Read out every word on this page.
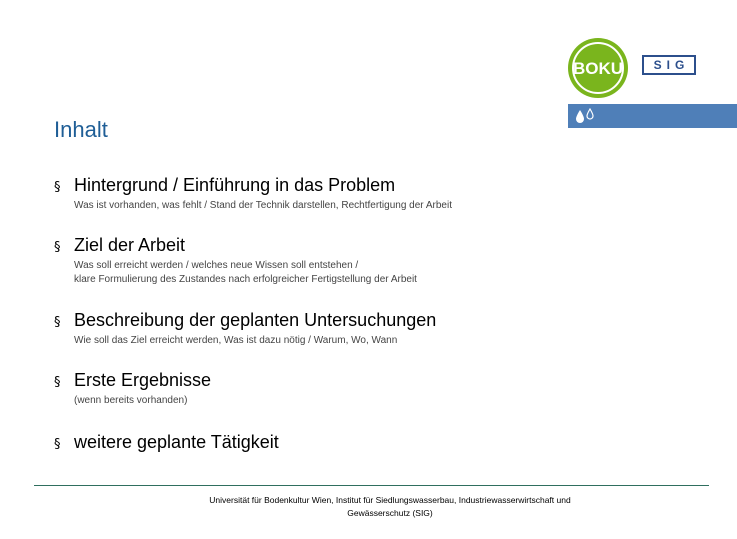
BOKU	SIG
Inhalt
§ Hintergrund / Einführung in das Problem
Was ist vorhanden, was fehlt / Stand der Technik darstellen, Rechtfertigung der Arbeit
§ Ziel der Arbeit
Was soll erreicht werden / welches neue Wissen soll entstehen /
klare Formulierung des Zustandes nach erfolgreicher Fertigstellung der Arbeit
§ Beschreibung der geplanten Untersuchungen
Wie soll das Ziel erreicht werden, Was ist dazu nötig / Warum, Wo, Wann
§ Erste Ergebnisse
(wenn bereits vorhanden)
§ weitere geplante Tätigkeit
Universität für Bodenkultur Wien, Institut für Siedlungswasserbau, Industriewasserwirtschaft und
Gewässerschutz (SIG)
